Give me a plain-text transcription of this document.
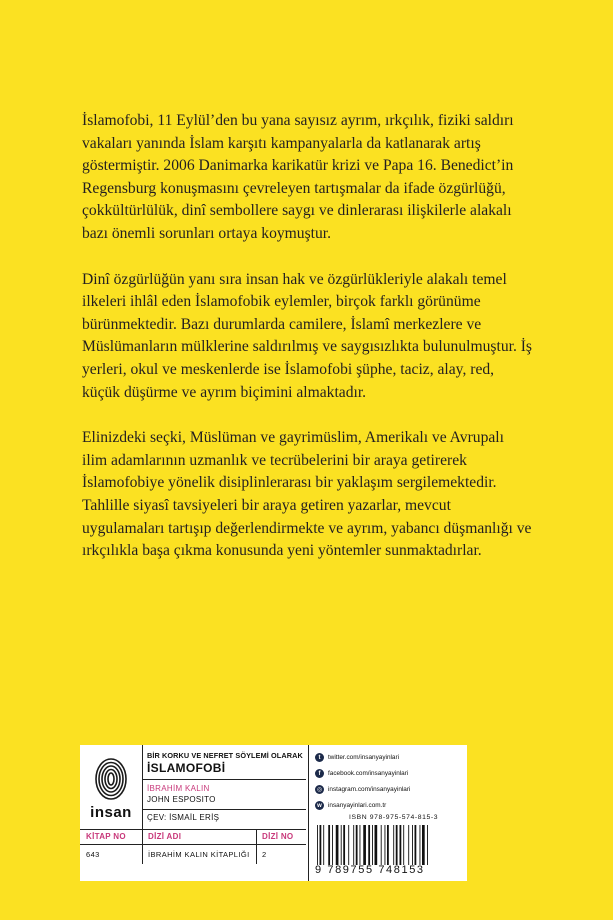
İslamofobi, 11 Eylül’den bu yana sayısız ayrım, ırkçılık, fiziki saldırı vakaları yanında İslam karşıtı kampanyalarla da katlanarak artış göstermiştir. 2006 Danimarka karikatür krizi ve Papa 16. Benedict’in Regensburg konuşmasını çevreleyen tartışmalar da ifade özgürlüğü, çokkültürlülük, dinî sembollere saygı ve dinlerarası ilişkilerle alakalı bazı önemli sorunları ortaya koymuştur.

Dinî özgürlüğün yanı sıra insan hak ve özgürlükleriyle alakalı temel ilkeleri ihlâl eden İslamofobik eylemler, birçok farklı görünüme bürünmektedir. Bazı durumlarda camilere, İslamî merkezlere ve Müslümanların mülklerine saldırılmış ve saygısızlıkta bulunulmuştur. İş yerleri, okul ve meskenlerde ise İslamofobi şüphe, taciz, alay, red, küçük düşürme ve ayrım biçimini almaktadır.

Elinizdeki seçki, Müslüman ve gayrimüslim, Amerikalı ve Avrupalı ilim adamlarının uzmanlık ve tecrübelerini bir araya getirerek İslamofobiye yönelik disiplinlerarası bir yaklaşım sergilemektedir. Tahlille siyasî tavsiyeleri bir araya getiren yazarlar, mevcut uygulamaları tartışıp değerlendirmekte ve ayrım, yabancı düşmanlığı ve ırkçılıkla başa çıkma konusunda yeni yöntemler sunmaktadırlar.

insan
BİR KORKU VE NEFRET SÖYLEMİ OLARAK
İSLAMOFOBİ
İBRAHİM KALIN
JOHN ESPOSITO
ÇEV: İSMAİL ERİŞ
KİTAP NO	DİZİ ADI	DİZİ NO
643	İBRAHİM KALIN KİTAPLIĞI 2
t	twitter.com/insanyayinlari
f	facebook.com/insanyayinlari
◎ instagram.com/insanyayinlari
w insanyayinlari.com.tr
ISBN 978-975-574-815-3
9 789755 748153
